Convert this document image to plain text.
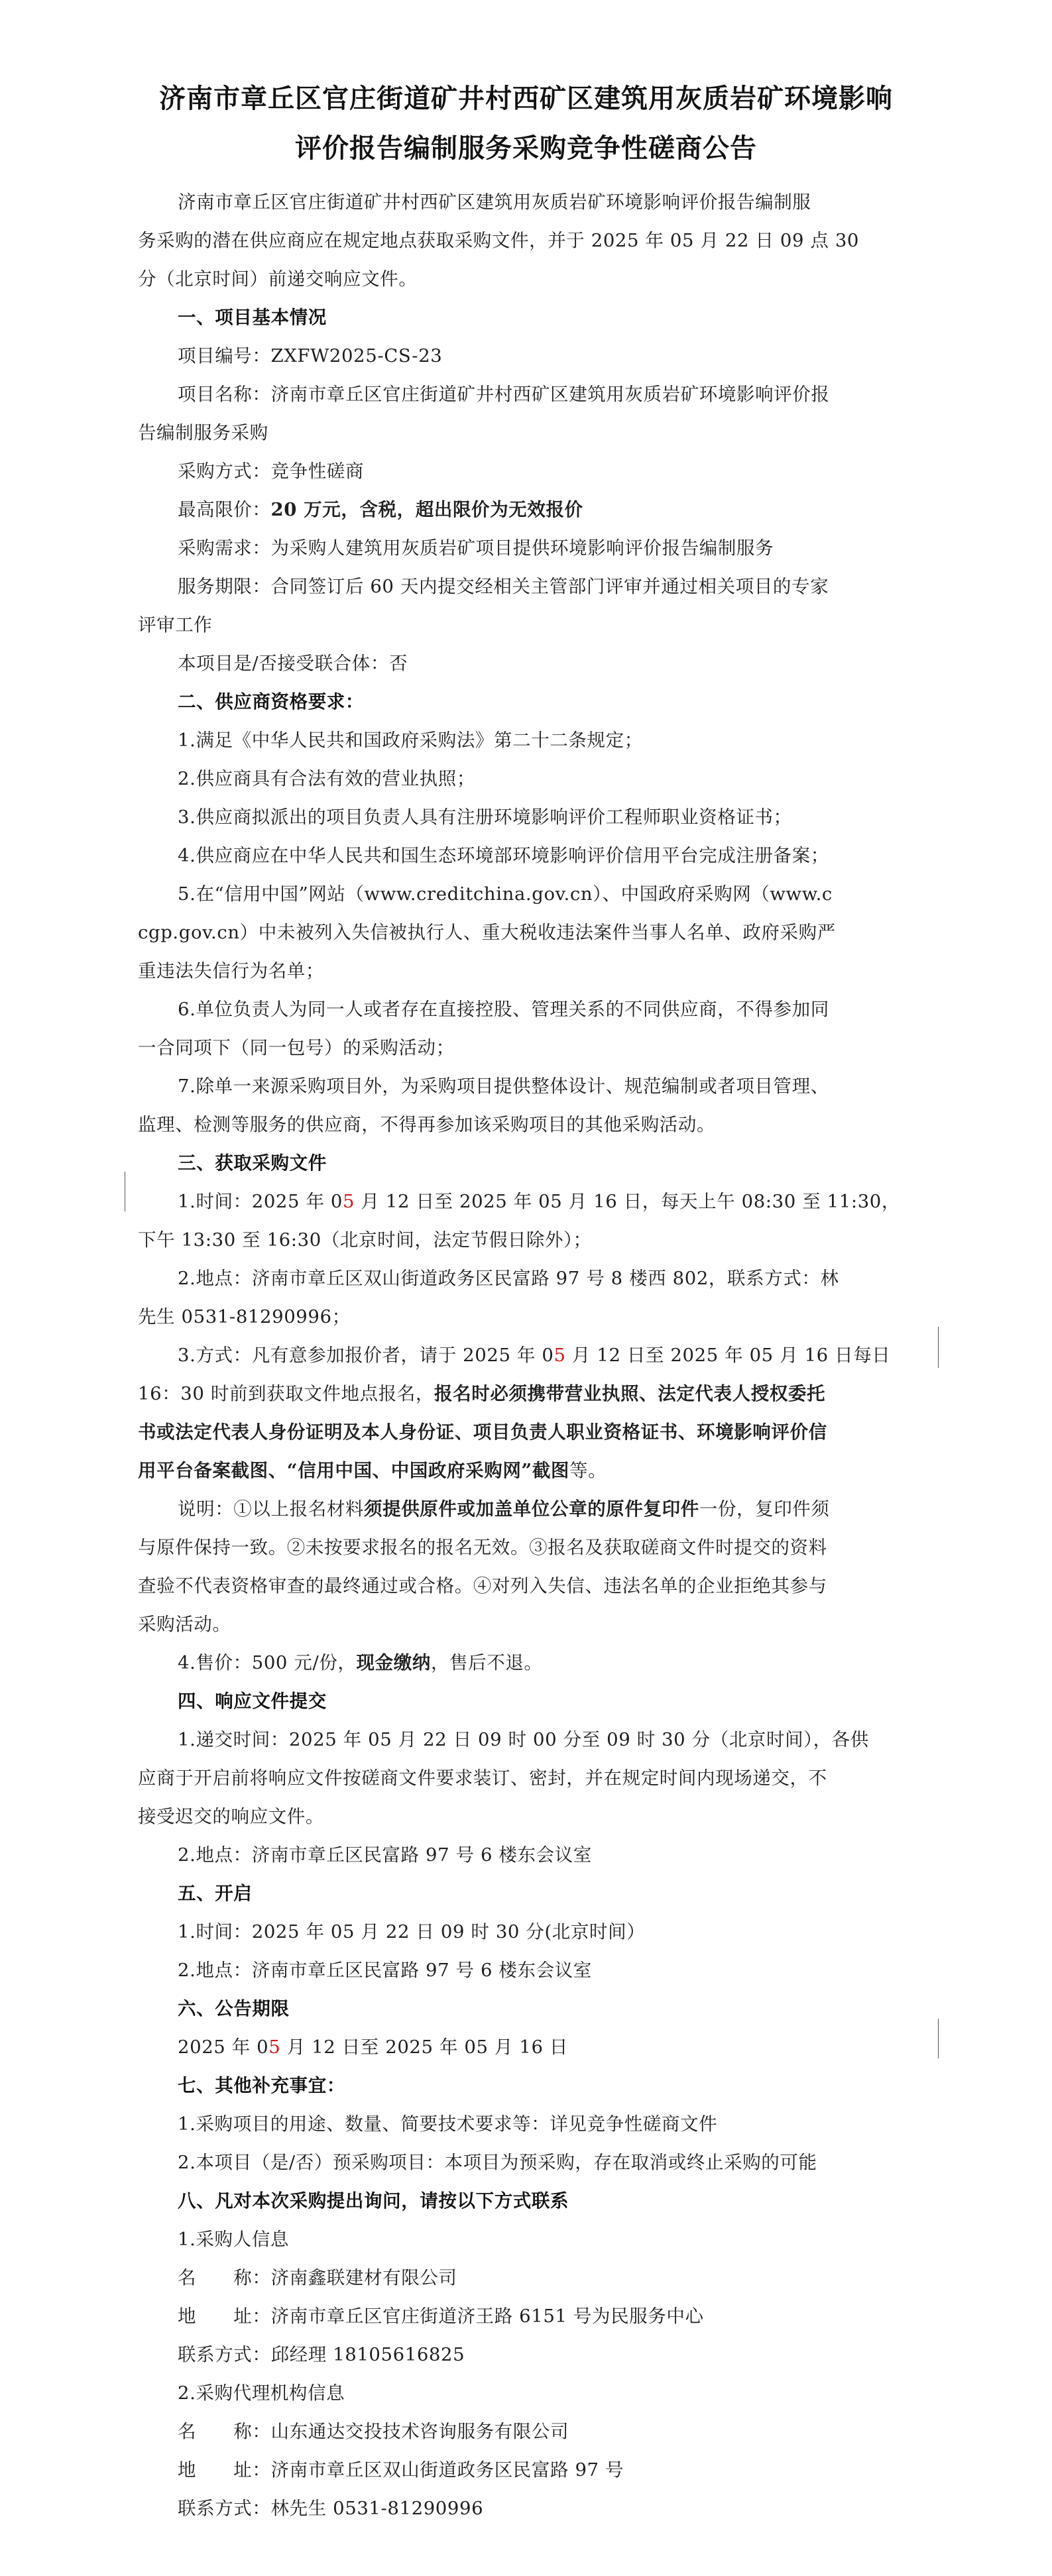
济南市章丘区官庄街道矿井村西矿区建筑用灰质岩矿环境影响
评价报告编制服务采购竞争性磋商公告
济南市章丘区官庄街道矿井村西矿区建筑用灰质岩矿环境影响评价报告编制服
务采购的潜在供应商应在规定地点获取采购文件，并于 2025 年 05 月 22 日 09 点 30
分（北京时间）前递交响应文件。
一、项目基本情况
项目编号：ZXFW2025-CS-23
项目名称：济南市章丘区官庄街道矿井村西矿区建筑用灰质岩矿环境影响评价报
告编制服务采购
采购方式：竞争性磋商
最高限价：20 万元，含税，超出限价为无效报价
采购需求：为采购人建筑用灰质岩矿项目提供环境影响评价报告编制服务
服务期限：合同签订后 60 天内提交经相关主管部门评审并通过相关项目的专家
评审工作
本项目是/否接受联合体：否
二、供应商资格要求：
1.满足《中华人民共和国政府采购法》第二十二条规定；
2.供应商具有合法有效的营业执照；
3.供应商拟派出的项目负责人具有注册环境影响评价工程师职业资格证书；
4.供应商应在中华人民共和国生态环境部环境影响评价信用平台完成注册备案；
5.在“信用中国”网站（www.creditchina.gov.cn）、中国政府采购网（www.c
cgp.gov.cn）中未被列入失信被执行人、重大税收违法案件当事人名单、政府采购严
重违法失信行为名单；
6.单位负责人为同一人或者存在直接控股、管理关系的不同供应商，不得参加同
一合同项下（同一包号）的采购活动；
7.除单一来源采购项目外，为采购项目提供整体设计、规范编制或者项目管理、
监理、检测等服务的供应商，不得再参加该采购项目的其他采购活动。
三、获取采购文件
1.时间：2025 年 05 月 12 日至 2025 年 05 月 16 日，每天上午 08:30 至 11:30，
下午 13:30 至 16:30（北京时间，法定节假日除外）；
2.地点：济南市章丘区双山街道政务区民富路 97 号 8 楼西 802，联系方式：林
先生 0531-81290996；
3.方式：凡有意参加报价者，请于 2025 年 05 月 12 日至 2025 年 05 月 16 日每日
16：30 时前到获取文件地点报名，报名时必须携带营业执照、法定代表人授权委托
书或法定代表人身份证明及本人身份证、项目负责人职业资格证书、环境影响评价信
用平台备案截图、“信用中国、中国政府采购网”截图等。
说明：①以上报名材料须提供原件或加盖单位公章的原件复印件一份，复印件须
与原件保持一致。②未按要求报名的报名无效。③报名及获取磋商文件时提交的资料
查验不代表资格审查的最终通过或合格。④对列入失信、违法名单的企业拒绝其参与
采购活动。
4.售价：500 元/份，现金缴纳，售后不退。
四、响应文件提交
1.递交时间：2025 年 05 月 22 日 09 时 00 分至 09 时 30 分（北京时间），各供
应商于开启前将响应文件按磋商文件要求装订、密封，并在规定时间内现场递交，不
接受迟交的响应文件。
2.地点：济南市章丘区民富路 97 号 6 楼东会议室
五、开启
1.时间：2025 年 05 月 22 日 09 时 30 分(北京时间）
2.地点：济南市章丘区民富路 97 号 6 楼东会议室
六、公告期限
2025 年 05 月 12 日至 2025 年 05 月 16 日
七、其他补充事宜：
1.采购项目的用途、数量、简要技术要求等：详见竞争性磋商文件
2.本项目（是/否）预采购项目：本项目为预采购，存在取消或终止采购的可能
八、凡对本次采购提出询问，请按以下方式联系
1.采购人信息
名　　称：济南鑫联建材有限公司
地　　址：济南市章丘区官庄街道济王路 6151 号为民服务中心
联系方式：邱经理 18105616825
2.采购代理机构信息
名　　称：山东通达交投技术咨询服务有限公司
地　　址：济南市章丘区双山街道政务区民富路 97 号
联系方式：林先生 0531-81290996
